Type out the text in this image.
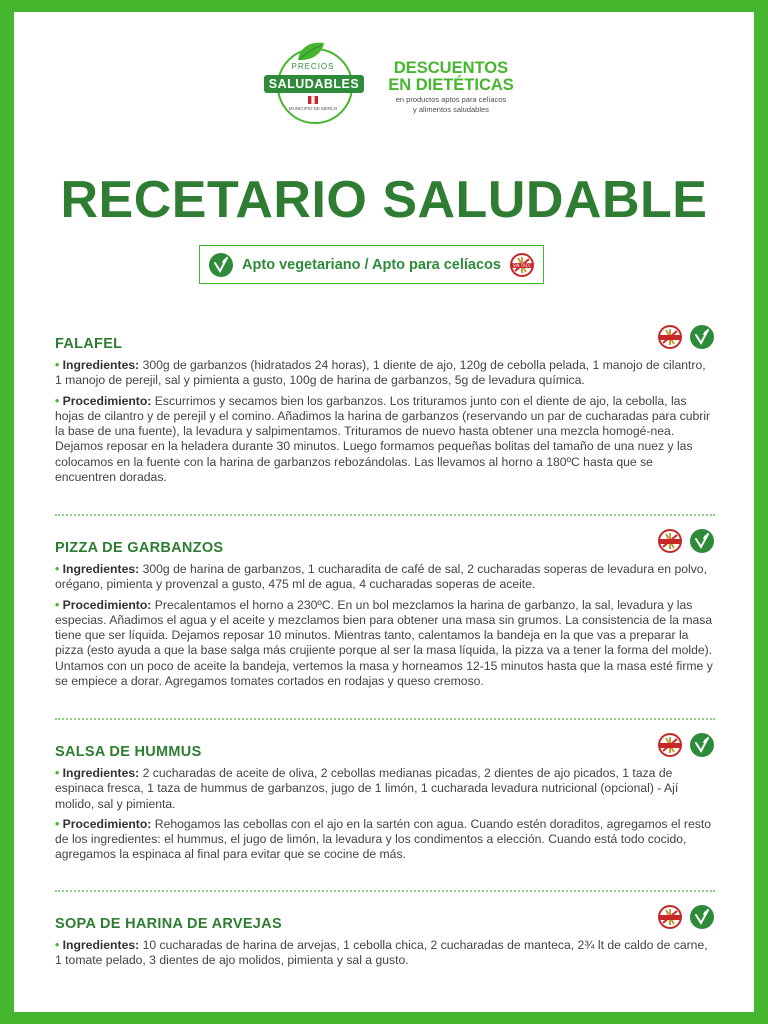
PRECIOS
SALUDABLES
MUNICIPIO DE MERLO
DESCUENTOS
EN DIETÉTICAS
en productos aptos para celíacos
y alimentos saludables
RECETARIO SALUDABLE
Apto vegetariano / Apto para celíacos	SIN TACC
FALAFEL

• Ingredientes: 300g de garbanzos (hidratados 24 horas), 1 diente de ajo, 120g de cebolla pelada, 1 manojo de cilantro, 1 manojo de perejil, sal y pimienta a gusto, 100g de harina de garbanzos, 5g de levadura química.

• Procedimiento: Escurrimos y secamos bien los garbanzos. Los trituramos junto con el diente de ajo, la cebolla, las hojas de cilantro y de perejil y el comino. Añadimos la harina de garbanzos (reservando un par de cucharadas para cubrir la base de una fuente), la levadura y salpimentamos. Trituramos de nuevo hasta obtener una mezcla homogé-nea. Dejamos reposar en la heladera durante 30 minutos. Luego formamos pequeñas bolitas del tamaño de una nuez y las colocamos en la fuente con la harina de garbanzos rebozándolas. Las llevamos al horno a 180ºC hasta que se encuentren doradas.

PIZZA DE GARBANZOS

• Ingredientes: 300g de harina de garbanzos, 1 cucharadita de café de sal, 2 cucharadas soperas de levadura en polvo, orégano, pimienta y provenzal a gusto, 475 ml de agua, 4 cucharadas soperas de aceite.

• Procedimiento: Precalentamos el horno a 230ºC. En un bol mezclamos la harina de garbanzo, la sal, levadura y las especias. Añadimos el agua y el aceite y mezclamos bien para obtener una masa sin grumos. La consistencia de la masa tiene que ser líquida. Dejamos reposar 10 minutos. Mientras tanto, calentamos la bandeja en la que vas a preparar la pizza (esto ayuda a que la base salga más crujiente porque al ser la masa líquida, la pizza va a tener la forma del molde). Untamos con un poco de aceite la bandeja, vertemos la masa y horneamos 12-15 minutos hasta que la masa esté firme y se empiece a dorar. Agregamos tomates cortados en rodajas y queso cremoso.

SALSA DE HUMMUS

• Ingredientes: 2 cucharadas de aceite de oliva, 2 cebollas medianas picadas, 2 dientes de ajo picados, 1 taza de espinaca fresca, 1 taza de hummus de garbanzos, jugo de 1 limón, 1 cucharada levadura nutricional (opcional) - Ají molido, sal y pimienta.

• Procedimiento: Rehogamos las cebollas con el ajo en la sartén con agua. Cuando estén doraditos, agregamos el resto de los ingredientes: el hummus, el jugo de limón, la levadura y los condimentos a elección. Cuando está todo cocido, agregamos la espinaca al final para evitar que se cocine de más.

SOPA DE HARINA DE ARVEJAS

• Ingredientes: 10 cucharadas de harina de arvejas, 1 cebolla chica, 2 cucharadas de manteca, 2¾ lt de caldo de carne, 1 tomate pelado, 3 dientes de ajo molidos, pimienta y sal a gusto.
